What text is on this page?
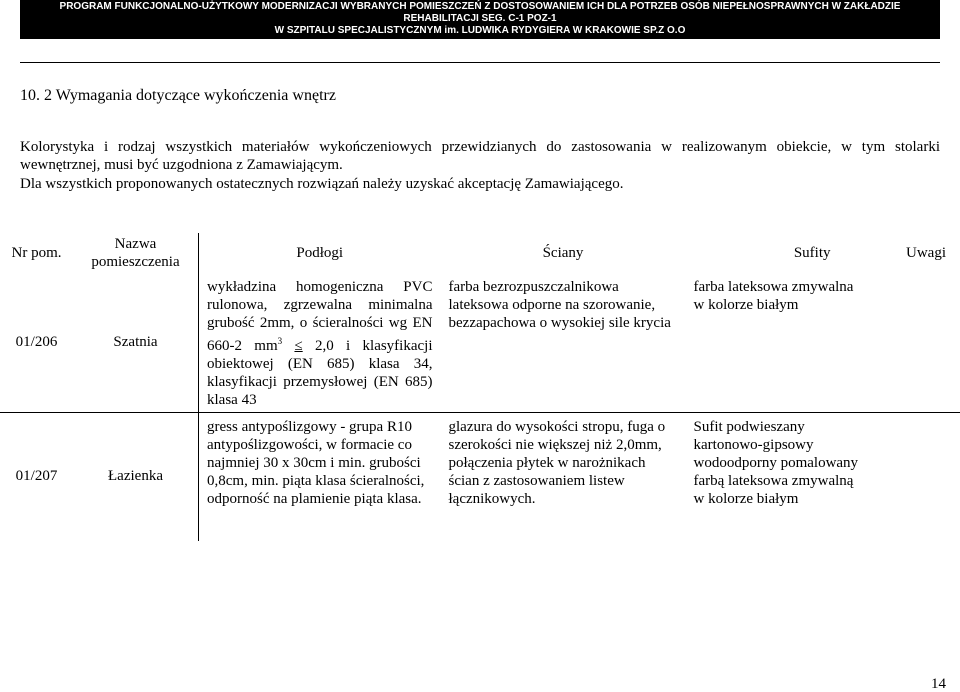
PROGRAM FUNKCJONALNO-UŻYTKOWY MODERNIZACJI WYBRANYCH POMIESZCZEŃ Z DOSTOSOWANIEM ICH DLA POTRZEB OSÓB NIEPEŁNOSPRAWNYCH W ZAKŁADZIE
REHABILITACJI SEG. C-1 POZ-1
W SZPITALU SPECJALISTYCZNYM im. LUDWIKA RYDYGIERA W KRAKOWIE SP.Z O.O
10. 2 Wymagania dotyczące wykończenia wnętrz
Kolorystyka i rodzaj wszystkich materiałów wykończeniowych przewidzianych do zastosowania w realizowanym obiekcie, w tym stolarki
wewnętrznej, musi być uzgodniona z Zamawiającym.
Dla wszystkich proponowanych ostatecznych rozwiązań należy uzyskać akceptację Zamawiającego.
Nr pom.	Nazwa pomieszczenia	Podłogi	Ściany	Sufity	Uwagi
01/206	Szatnia	wykładzina homogeniczna PVC rulonowa, zgrzewalna minimalna grubość 2mm, o ścieralności wg EN 660-2 $mm^3 \le 2,0$ i klasyfikacji obiektowej (EN 685) klasa 34, klasyfikacji przemysłowej (EN 685) klasa 43	farba bezrozpuszczalnikowa lateksowa odporne na szorowanie, bezzapachowa o wysokiej sile krycia	farba lateksowa zmywalna w kolorze białym	
01/207	Łazienka	gress antypoślizgowy - grupa R10 antypoślizgowości, w formacie co najmniej 30 x 30cm i min. grubości 0,8cm, min. piąta klasa ścieralności, odporność na plamienie piąta klasa.	glazura do wysokości stropu, fuga o szerokości nie większej niż 2,0mm, połączenia płytek w narożnikach ścian z zastosowaniem listew łącznikowych.	Sufit podwieszany kartonowo-gipsowy wodoodporny pomalowany farbą lateksowa zmywalną w kolorze białym	
14
